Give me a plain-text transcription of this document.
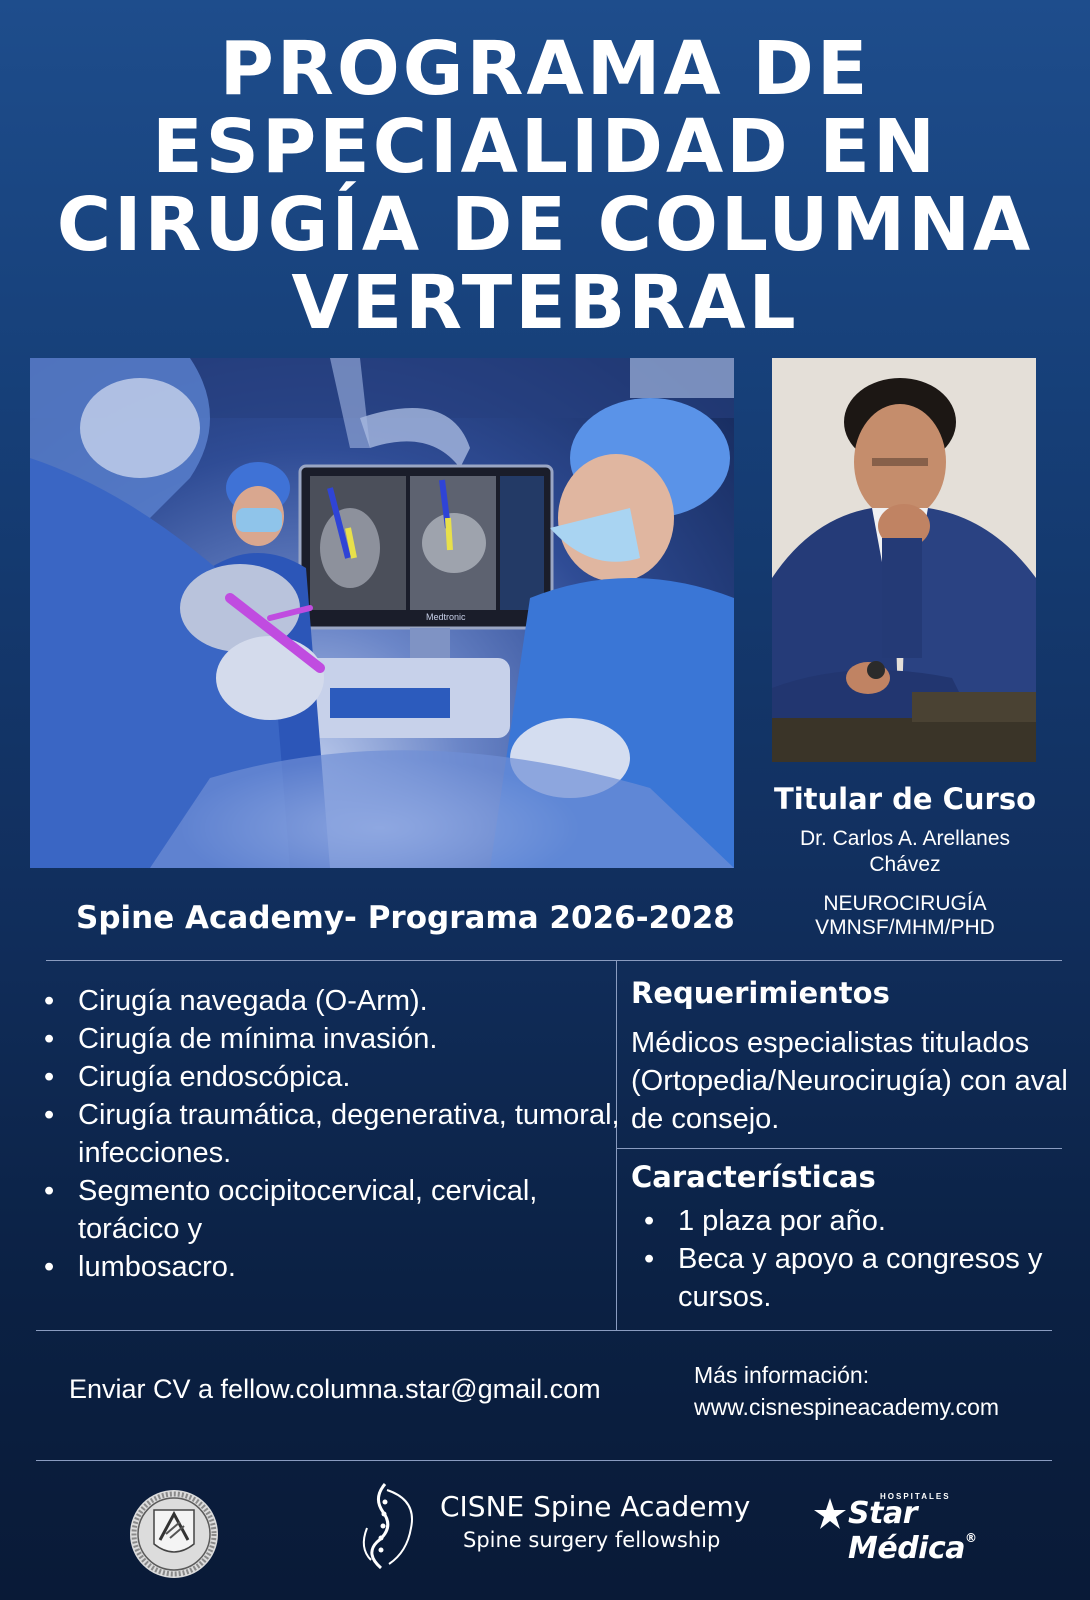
PROGRAMA DE
ESPECIALIDAD EN
CIRUGÍA DE COLUMNA
VERTEBRAL
Medtronic
Titular de Curso
Dr. Carlos A. Arellanes
Chávez
NEUROCIRUGÍA
VMNSF/MHM/PHD
Spine Academy- Programa 2026-2028
• Cirugía navegada (O-Arm).
• Cirugía de mínima invasión.
• Cirugía endoscópica.
• Cirugía traumática, degenerativa, tumoral, infecciones.
• Segmento occipitocervical, cervical, torácico y
• lumbosacro.
Requerimientos
Médicos especialistas titulados (Ortopedia/Neurocirugía) con aval de consejo.
Características
• 1 plaza por año.
• Beca y apoyo a congresos y cursos.
Enviar CV a fellow.columna.star@gmail.com	Más información:
www.cisnespineacademy.com
CISNE Spine Academy
Spine surgery fellowship
HOSPITALES
Star Médica®
